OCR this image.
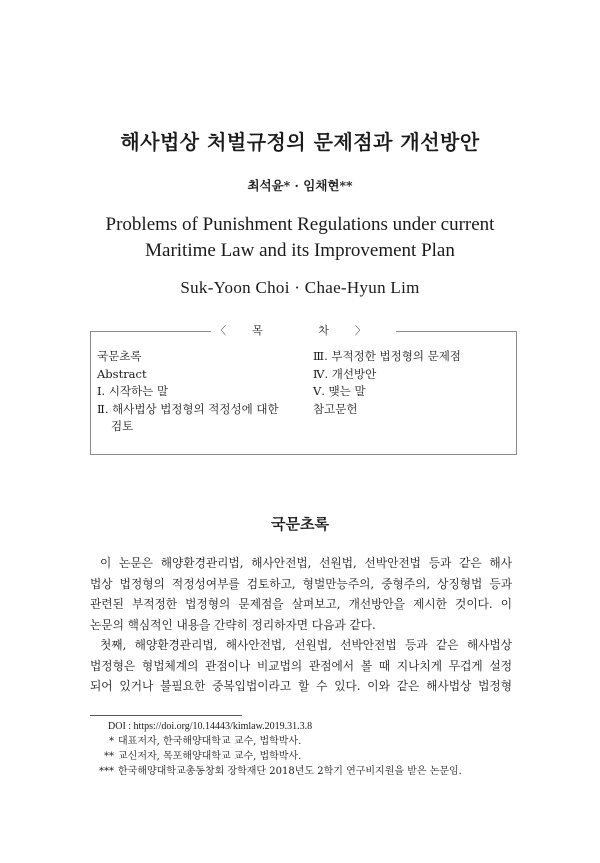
해사법상 처벌규정의 문제점과 개선방안
최석윤* · 임채현**
Problems of Punishment Regulations under current
Maritime Law and its Improvement Plan
Suk-Yoon Choi · Chae-Hyun Lim
〈목 차〉
국문초록
Abstract
Ⅰ. 시작하는 말
Ⅱ. 해사법상 법정형의 적정성에 대한
검토
Ⅲ. 부적정한 법정형의 문제점
Ⅳ. 개선방안
Ⅴ. 맺는 말
참고문헌
국문초록
이 논문은 해양환경관리법, 해사안전법, 선원법, 선박안전법 등과 같은 해사
법상 법정형의 적정성여부를 검토하고, 형벌만능주의, 중형주의, 상징형법 등과
관련된 부적정한 법정형의 문제점을 살펴보고, 개선방안을 제시한 것이다. 이
논문의 핵심적인 내용을 간략히 정리하자면 다음과 같다.
첫째, 해양환경관리법, 해사안전법, 선원법, 선박안전법 등과 같은 해사법상
법정형은 형법체계의 관점이나 비교법의 관점에서 볼 때 지나치게 무겁게 설정
되어 있거나 불필요한 중복입법이라고 할 수 있다. 이와 같은 해사법상 법정형
DOI : https://doi.org/10.14443/kimlaw.2019.31.3.8
* 대표저자, 한국해양대학교 교수, 법학박사.
** 교신저자, 목포해양대학교 교수, 법학박사.
*** 한국해양대학교총동창회 장학재단 2018년도 2학기 연구비지원을 받은 논문임.
